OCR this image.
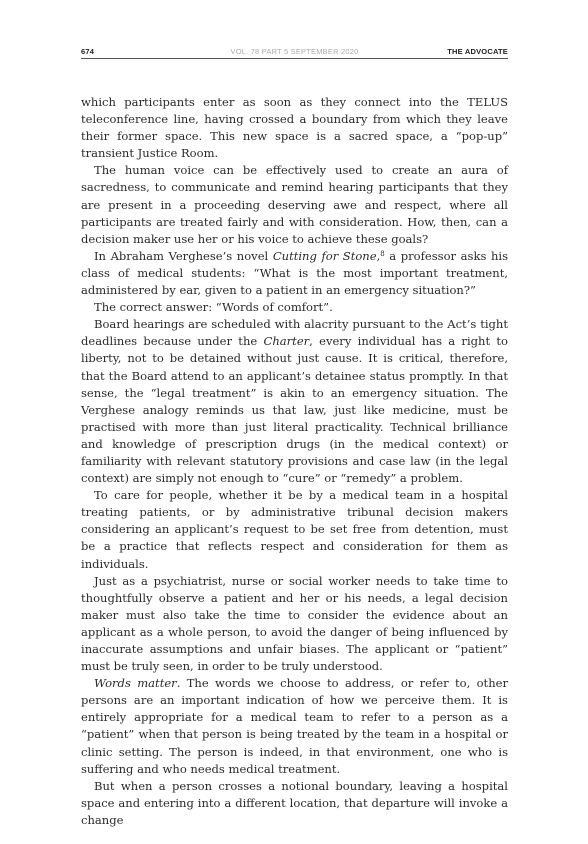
674	VOL. 78 PART 5 SEPTEMBER 2020	THE ADVOCATE

which participants enter as soon as they connect into the TELUS teleconference line, having crossed a boundary from which they leave their former space. This new space is a sacred space, a “pop-up” transient Justice Room.

The human voice can be effectively used to create an aura of sacredness, to communicate and remind hearing participants that they are present in a proceeding deserving awe and respect, where all participants are treated fairly and with consideration. How, then, can a decision maker use her or his voice to achieve these goals?

In Abraham Verghese’s novel Cutting for Stone,$^8$ a professor asks his class of medical students: “What is the most important treatment, administered by ear, given to a patient in an emergency situation?”

The correct answer: “Words of comfort”.

Board hearings are scheduled with alacrity pursuant to the Act’s tight deadlines because under the Charter, every individual has a right to liberty, not to be detained without just cause. It is critical, therefore, that the Board attend to an applicant’s detainee status promptly. In that sense, the “legal treatment” is akin to an emergency situation. The Verghese analogy reminds us that law, just like medicine, must be practised with more than just literal practicality. Technical brilliance and knowledge of prescription drugs (in the medical context) or familiarity with relevant statutory provisions and case law (in the legal context) are simply not enough to “cure” or “remedy” a problem.

To care for people, whether it be by a medical team in a hospital treating patients, or by administrative tribunal decision makers considering an applicant’s request to be set free from detention, must be a practice that reflects respect and consideration for them as individuals.

Just as a psychiatrist, nurse or social worker needs to take time to thoughtfully observe a patient and her or his needs, a legal decision maker must also take the time to consider the evidence about an applicant as a whole person, to avoid the danger of being influenced by inaccurate assumptions and unfair biases. The applicant or “patient” must be truly seen, in order to be truly understood.

Words matter. The words we choose to address, or refer to, other persons are an important indication of how we perceive them. It is entirely appropriate for a medical team to refer to a person as a “patient” when that person is being treated by the team in a hospital or clinic setting. The person is indeed, in that environment, one who is suffering and who needs medical treatment.

But when a person crosses a notional boundary, leaving a hospital space and entering into a different location, that departure will invoke a change
